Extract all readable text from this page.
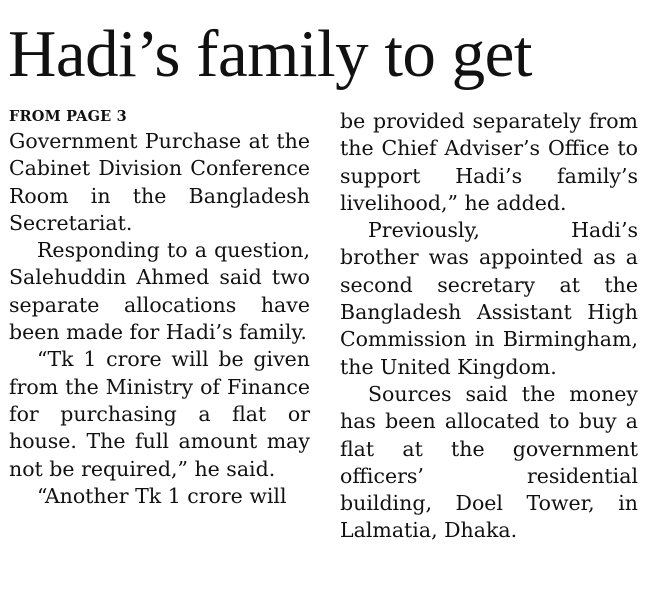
Hadi’s family to get
FROM PAGE 3

Government Purchase at the Cabinet Division Conference Room in the Bangladesh Secretariat.

Responding to a question, Salehuddin Ahmed said two separate allocations have been made for Hadi’s family.

“Tk 1 crore will be given from the Ministry of Finance for purchasing a flat or house. The full amount may not be required,” he said.

“Another Tk 1 crore will

be provided separately from the Chief Adviser’s Office to support Hadi’s family’s livelihood,” he added.

Previously, Hadi’s brother was appointed as a second secretary at the Bangladesh Assistant High Commission in Birmingham, the United Kingdom.

Sources said the money has been allocated to buy a flat at the government officers’ residential building, Doel Tower, in Lalmatia, Dhaka.
